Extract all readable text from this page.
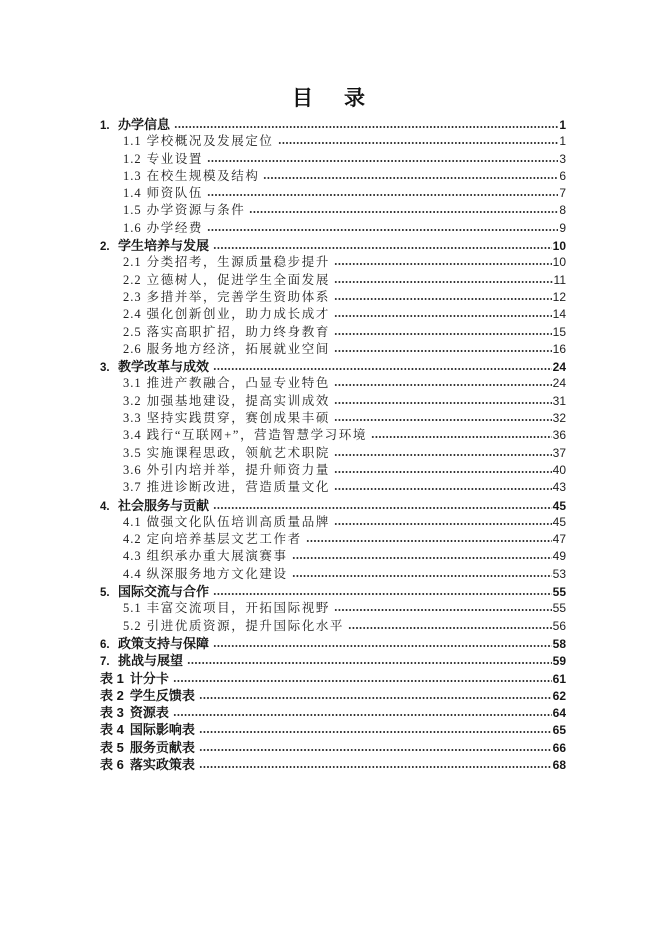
目　录
1. 办学信息	1
1.1 学校概况及发展定位	1
1.2 专业设置	3
1.3 在校生规模及结构	6
1.4 师资队伍	7
1.5 办学资源与条件	8
1.6 办学经费	9
2. 学生培养与发展	10
2.1 分类招考，生源质量稳步提升	10
2.2 立德树人，促进学生全面发展	11
2.3 多措并举，完善学生资助体系	12
2.4 强化创新创业，助力成长成才	14
2.5 落实高职扩招，助力终身教育	15
2.6 服务地方经济，拓展就业空间	16
3. 教学改革与成效	24
3.1 推进产教融合，凸显专业特色	24
3.2 加强基地建设，提高实训成效	31
3.3 坚持实践贯穿，赛创成果丰硕	32
3.4 践行“互联网+”，营造智慧学习环境	36
3.5 实施课程思政，领航艺术职院	37
3.6 外引内培并举，提升师资力量	40
3.7 推进诊断改进，营造质量文化	43
4. 社会服务与贡献	45
4.1 做强文化队伍培训高质量品牌	45
4.2 定向培养基层文艺工作者	47
4.3 组织承办重大展演赛事	49
4.4 纵深服务地方文化建设	53
5. 国际交流与合作	55
5.1 丰富交流项目，开拓国际视野	55
5.2 引进优质资源，提升国际化水平	56
6. 政策支持与保障	58
7. 挑战与展望	59
表 1 计分卡	61
表 2 学生反馈表	62
表 3 资源表	64
表 4 国际影响表	65
表 5 服务贡献表	66
表 6 落实政策表	68
